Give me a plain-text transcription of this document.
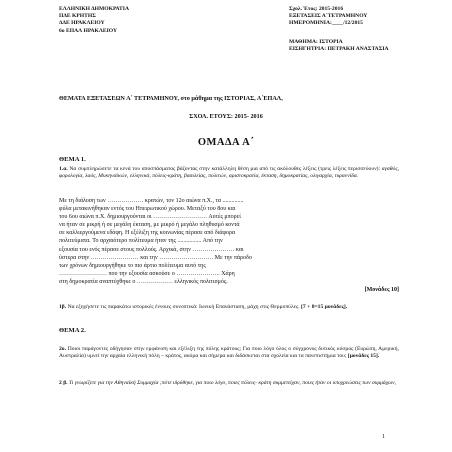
ΕΛΛΗΝΙΚΗ ΔΗΜΟΚΡΑΤΙΑ
ΠΔΕ ΚΡΗΤΗΣ
ΔΔΕ ΗΡΑΚΛΕΙΟΥ
6ο ΕΠΑΛ ΗΡΑΚΛΕΙΟΥ
Σχολ. Έτος: 2015-2016
ΕΞΕΤΑΣΕΙΣ Α΄ΤΕΤΡΑΜΗΝΟΥ
ΗΜΕΡΟΜΗΝΙΑ:____/12/2015
ΜΑΘΗΜΑ: ΙΣΤΟΡΙΑ
ΕΙΣΗΓΗΤΡΙΑ: ΠΕΤΡΑΚΗ ΑΝΑΣΤΑΣΙΑ
ΘΕΜΑΤΑ ΕΞΕΤΑΣΕΩΝ Α΄ ΤΕΤΡΑΜΗΝΟΥ, στο μάθημα της ΙΣΤΟΡΙΑΣ, Α΄ΕΠΑΛ,
ΣΧΟΛ. ΕΤΟΥΣ: 2015- 2016
ΟΜΑΔΑ Α΄
ΘΕΜΑ 1.
1.α. Να συμπληρώσετε τα κενά του αποσπάσματος βάζοντας στην κατάλληλη θέση μια από τις ακόλουθες λέξεις (τρεις λέξεις περισσεύουν): αγαθός, φορολογία, λαός, Μυκηναϊκών, ελληνικά, πόλεις-κράτη, βασιλείας, πολιτών, αριστοκρατία, έκταση, δημοκρατίας, ολιγαρχία, τυραννίδα.
Με τη διάλυση των ……………… κρατών, τον 12ο αιώνα π.Χ., τα ..............
φύλα μετακινήθηκαν εντός του Ηπειρωτικού χώρου. Μεταξύ του 8ου και
του 6ου αιώνα π.Χ. δημιουργούνται οι ……………………… Αυτές μπορεί
να ήταν σε μικρή ή σε μεγάλη έκταση, με μικρό ή μεγάλο πληθυσμό κοντά
σε καλλιεργούμενα εδάφη. Η εξέλιξη της κοινωνίας πέρασε από διάφορα
πολιτεύματα. Το αρχαιότερο πολίτευμα ήταν της ................ Από την
εξουσία του ενός πέρασε στους πολλούς. Αρχικά, στην ………………… και
ύστερα στην …………………… και την ……………………… Με την πάροδο
των χρόνων δημιουργήθηκε το πιο άρτιο πολίτευμα αυτό της
…………………… που την εξουσία ασκούσε ο …………………. Χάρη
στη δημοκρατία αναπτύχθηκε ο ……………… ελληνικός πολιτισμός.
[Μονάδες 10]
1β. Να εξηγήσετε τις παρακάτω ιστορικές έννοιες συνοπτικά: Ιωνική Επανάσταση, μάχη στις Θερμοπύλες. [7 + 8=15 μονάδες].
ΘΕΜΑ 2.
2ο. Ποιοι παράγοντες οδήγησαν στην εμφάνιση και εξέλιξη της πόλης κράτους; Για ποιο λόγο όλος ο σύγχρονος δυτικός κόσμος (Ευρώπη, Αμερική, Αυστραλία) υμνεί την αρχαία ελληνική πόλη – κράτος, ακόμα και σήμερα και διδάσκεται στα σχολεία και τα πανεπιστήμια του; [μονάδες 15].
2 β. Τι γνωρίζετε για την Αθηναϊκή Συμμαχία ;πότε ιδρύθηκε, για ποιο λόγο, ποιες πόλεις- κράτη συμμετείχαν, ποιες ήταν οι υποχρεώσεις των συμμάχων,
1
